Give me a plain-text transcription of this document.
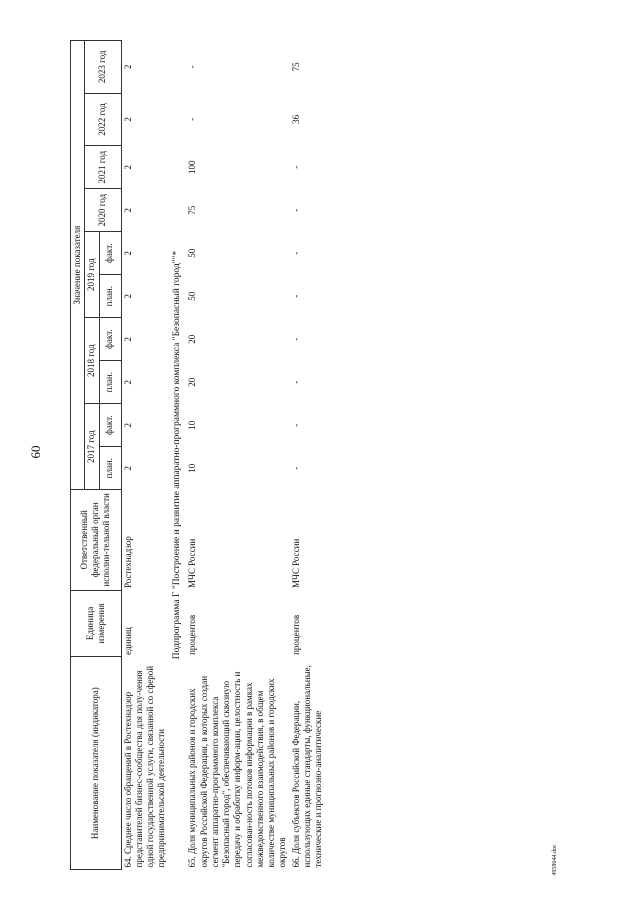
60
4958644.doc
Наименование показателя (индикатора)	Единица измерения	Ответственный федеральный орган исполни-тельной власти	Значение показателя									
			2017 год		2018 год		2019 год		2020 год	2021 год	2022 год	2023 год
			план.	факт.	план.	факт.	план.	факт.				
64. Среднее число обращений в Ростехнадзор представителей бизнес-сообщества для полу-чения одной государственной услуги, связанной со сферой предпринимательской деятельности	единиц	Ростехнадзор	2	2	2	2	2	2	2	2	2	2
Подпрограмма Г "Построение и развитие аппаратно-программного комплекса "Безопасный город""*												
65. Доля муниципальных районов и городских округов Российской Федерации, в которых создан сегмент аппаратно-программного комплекса "Безопасный город", обеспечивающий сквозную передачу и обработку информ-ации, целостность и согласован-ность потоков информации в рамках межведомственного взаимодействия, в общем количестве муниципальных районов и городских округов	процентов	МЧС России	10	10	20	20	50	50	75	100	-	-
66. Доля субъектов Российской Федерации, использующих единые стандарты, функциональные, технические и прогнозно-аналитические	процентов	МЧС России	-	-	-	-	-	-	-	-	36	75
